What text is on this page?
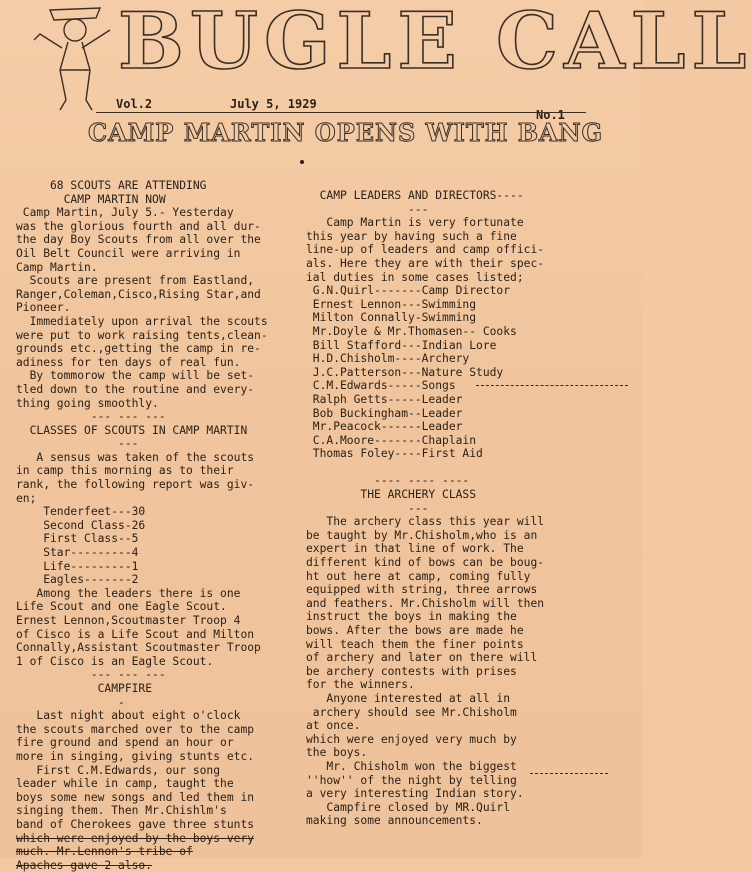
BUGLE CALL
Vol.2	July 5, 1929
No.1
CAMP MARTIN OPENS WITH BANG
68 SCOUTS ARE ATTENDING
CAMP MARTIN NOW
Camp Martin, July 5.- Yesterday
was the glorious fourth and all dur-
the day Boy Scouts from all over the
Oil Belt Council were arriving in
Camp Martin.
Scouts are present from Eastland,
Ranger,Coleman,Cisco,Rising Star,and
Pioneer.
Immediately upon arrival the scouts
were put to work raising tents,clean-
grounds etc.,getting the camp in re-
adiness for ten days of real fun.
By tommorow the camp will be set-
tled down to the routine and every-
thing going smoothly.
--- --- ---
CLASSES OF SCOUTS IN CAMP MARTIN
---
A sensus was taken of the scouts
in camp this morning as to their
rank, the following report was giv-
en;
Tenderfeet---30
Second Class-26
First Class--5
Star---------4
Life---------1
Eagles-------2
Among the leaders there is one
Life Scout and one Eagle Scout.
Ernest Lennon,Scoutmaster Troop 4
of Cisco is a Life Scout and Milton
Connally,Assistant Scoutmaster Troop
1 of Cisco is an Eagle Scout.
--- --- ---
CAMPFIRE
-
Last night about eight o'clock
the scouts marched over to the camp
fire ground and spend an hour or
more in singing, giving stunts etc.
First C.M.Edwards, our song
leader while in camp, taught the
boys some new songs and led them in
singing them. Then Mr.Chishlm's
band of Cherokees gave three stunts
which were enjoyed by the boys very
much. Mr.Lennon's tribe of
Apaches gave 2 also.
CAMP LEADERS AND DIRECTORS----
---
Camp Martin is very fortunate
this year by having such a fine
line-up of leaders and camp offici-
als. Here they are with their spec-
ial duties in some cases listed;
G.N.Quirl-------Camp Director
Ernest Lennon---Swimming
Milton Connally-Swimming
Mr.Doyle & Mr.Thomasen-- Cooks
Bill Stafford---Indian Lore
H.D.Chisholm----Archery
J.C.Patterson---Nature Study
C.M.Edwards-----Songs
Ralph Getts-----Leader
Bob Buckingham--Leader
Mr.Peacock------Leader
C.A.Moore-------Chaplain
Thomas Foley----First Aid
---- ---- ----
THE ARCHERY CLASS
---
The archery class this year will
be taught by Mr.Chisholm,who is an
expert in that line of work. The
different kind of bows can be boug-
ht out here at camp, coming fully
equipped with string, three arrows
and feathers. Mr.Chisholm will then
instruct the boys in making the
bows. After the bows are made he
will teach them the finer points
of archery and later on there will
be archery contests with prises
for the winners.
Anyone interested at all in
archery should see Mr.Chisholm
at once.
which were enjoyed very much by
the boys.
Mr. Chisholm won the biggest
''how'' of the night by telling
a very interesting Indian story.
Campfire closed by MR.Quirl
making some announcements.
